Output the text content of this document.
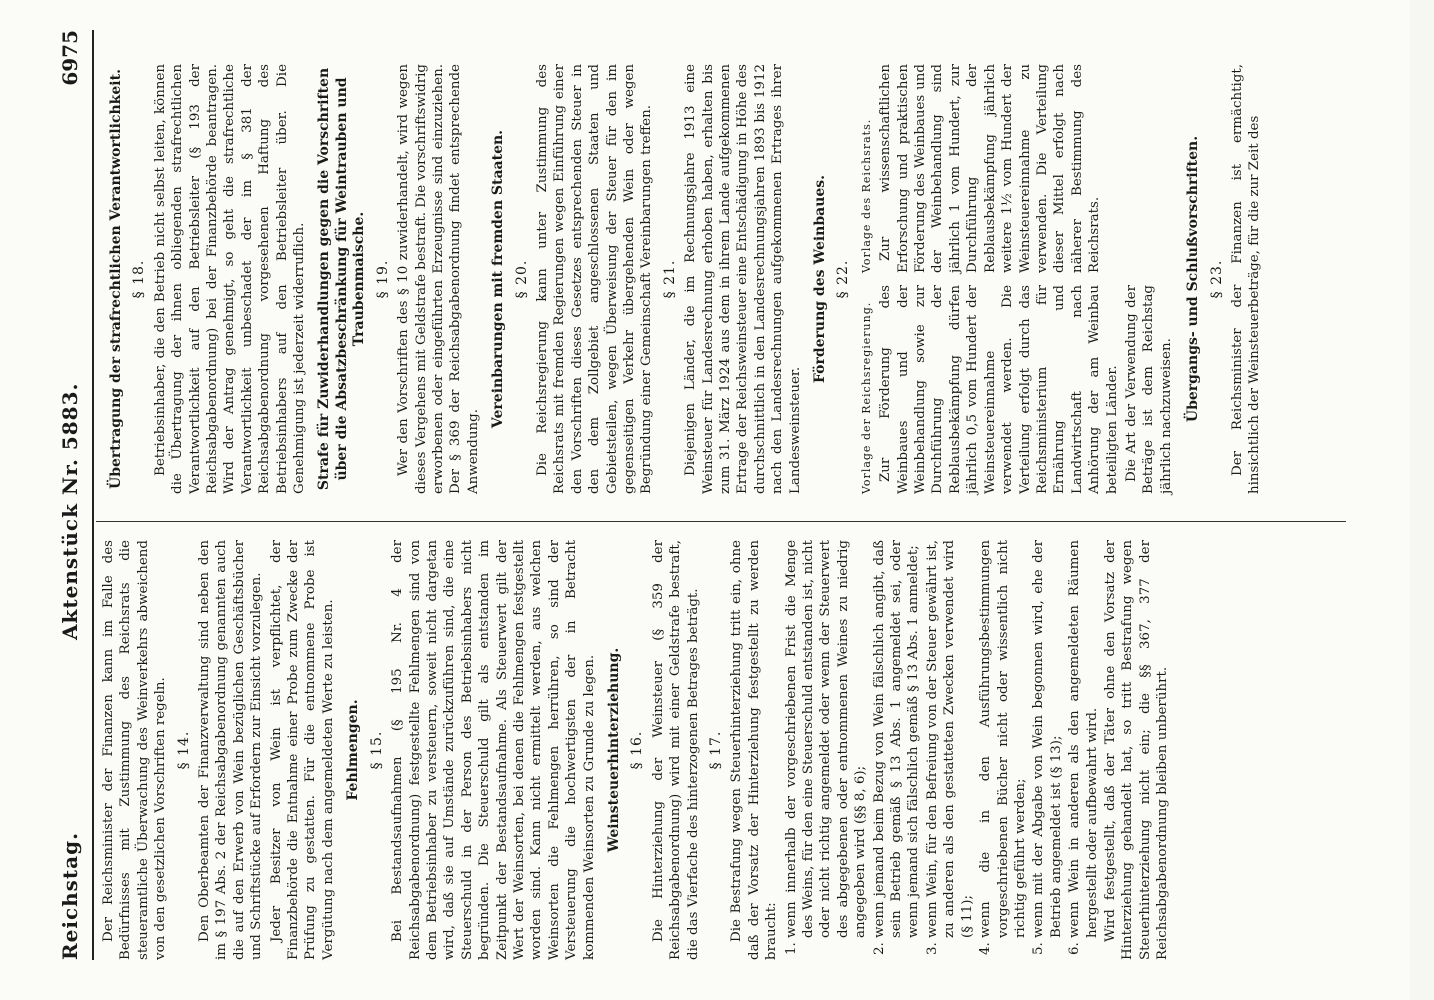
Reichstag.
Aktenstück Nr. 5883.
6975

Der Reichsminister der Finanzen kann im Falle des Bedürfnisses mit Zustimmung des Reichsrats die steueramtliche Überwachung des Weinverkehrs abweichend von den gesetzlichen Vorschriften regeln. § 14. Den Oberbeamten der Finanzverwaltung sind neben den im § 197 Abs. 2 der Reichsabgabenordnung genannten auch die auf den Erwerb von Wein bezüglichen Geschäftsbücher und Schriftstücke auf Erfordern zur Einsicht vorzulegen. Jeder Besitzer von Wein ist verpflichtet, der Finanzbehörde die Entnahme einer Probe zum Zwecke der Prüfung zu gestatten. Für die entnommene Probe ist Vergütung nach dem angemeldeten Werte zu leisten. Fehlmengen. § 15. Bei Bestandsaufnahmen (§ 195 Nr. 4 der Reichsabgabenordnung) festgestellte Fehlmengen sind von dem Betriebsinhaber zu versteuern, soweit nicht dargetan wird, daß sie auf Umstände zurückzuführen sind, die eine Steuerschuld in der Person des Betriebsinhabers nicht begründen. Die Steuerschuld gilt als entstanden im Zeitpunkt der Bestandsaufnahme. Als Steuerwert gilt der Wert der Weinsorten, bei denen die Fehlmengen festgestellt worden sind. Kann nicht ermittelt werden, aus welchen Weinsorten die Fehlmengen herrühren, so sind der Versteuerung die hochwertigsten der in Betracht kommenden Weinsorten zu Grunde zu legen. Weinsteuerhinterziehung. § 16. Die Hinterziehung der Weinsteuer (§ 359 der Reichsabgabenordnung) wird mit einer Geldstrafe bestraft, die das Vierfache des hinterzogenen Betrages beträgt. § 17. Die Bestrafung wegen Steuerhinterziehung tritt ein, ohne daß der Vorsatz der Hinterziehung festgestellt zu werden braucht: 1. wenn innerhalb der vorgeschriebenen Frist die Menge des Weins, für den eine Steuerschuld entstanden ist, nicht oder nicht richtig angemeldet oder wenn der Steuerwert des abgegebenen oder entnommenen Weines zu niedrig angegeben wird (§§ 8, 6); 2. wenn jemand beim Bezug von Wein fälschlich angibt, daß sein Betrieb gemäß § 13 Abs. 1 angemeldet sei, oder wenn jemand sich fälschlich gemäß § 13 Abs. 1 anmeldet; 3. wenn Wein, für den Befreiung von der Steuer gewährt ist, zu anderen als den gestatteten Zwecken verwendet wird (§ 11); 4. wenn die in den Ausführungsbestimmungen vorgeschriebenen Bücher nicht oder wissentlich nicht richtig geführt werden; 5. wenn mit der Abgabe von Wein begonnen wird, ehe der Betrieb angemeldet ist (§ 13); 6. wenn Wein in anderen als den angemeldeten Räumen hergestellt oder aufbewahrt wird. Wird festgestellt, daß der Täter ohne den Vorsatz der Hinterziehung gehandelt hat, so tritt Bestrafung wegen Steuerhinterziehung nicht ein; die §§ 367, 377 der Reichsabgabenordnung bleiben unberührt.

Übertragung der strafrechtlichen Verantwortlichkeit. § 18. Betriebsinhaber, die den Betrieb nicht selbst leiten, können die Übertragung der ihnen obliegenden strafrechtlichen Verantwortlichkeit auf den Betriebsleiter (§ 193 der Reichsabgabenordnung) bei der Finanzbehörde beantragen. Wird der Antrag genehmigt, so geht die strafrechtliche Verantwortlichkeit unbeschadet der im § 381 der Reichsabgabenordnung vorgesehenen Haftung des Betriebsinhabers auf den Betriebsleiter über. Die Genehmigung ist jederzeit widerruflich. Strafe für Zuwiderhandlungen gegen die Vorschriften über die Absatzbeschränkung für Weintrauben und Traubenmaische. § 19. Wer den Vorschriften des § 10 zuwiderhandelt, wird wegen dieses Vergehens mit Geldstrafe bestraft. Die vorschriftswidrig erworbenen oder eingeführten Erzeugnisse sind einzuziehen. Der § 369 der Reichsabgabenordnung findet entsprechende Anwendung.

Vereinbarungen mit fremden Staaten. § 20. Die Reichsregierung kann unter Zustimmung des Reichsrats mit fremden Regierungen wegen Einführung einer den Vorschriften dieses Gesetzes entsprechenden Steuer in den dem Zollgebiet angeschlossenen Staaten und Gebietsteilen, wegen Überweisung der Steuer für den im gegenseitigen Verkehr übergehenden Wein oder wegen Begründung einer Gemeinschaft Vereinbarungen treffen. § 21. Diejenigen Länder, die im Rechnungsjahre 1913 eine Weinsteuer für Landesrechnung erhoben haben, erhalten bis zum 31. März 1924 aus dem in ihrem Lande aufgekommenen Ertrage der Reichsweinsteuer eine Entschädigung in Höhe des durchschnittlich in den Landesrechnungsjahren 1893 bis 1912 nach den Landesrechnungen aufgekommenen Ertrages ihrer Landesweinsteuer.

Förderung des Weinbaues. § 22.
Vorlage der Reichsregierung. Zur Förderung des Weinbaues und der Weinbehandlung sowie zur Durchführung der Reblausbekämpfung dürfen jährlich 0,5 vom Hundert der Weinsteuereinnahme verwendet werden. Die Verteilung erfolgt durch das Reichsministerium für Ernährung und Landwirtschaft nach Anhörung der am Weinbau beteiligten Länder. Die Art der Verwendung der Beträge ist dem Reichstag jährlich nachzuweisen.

Vorlage des Reichsrats. Zur wissenschaftlichen Erforschung und praktischen Förderung des Weinbaues und der Weinbehandlung sind jährlich 1 vom Hundert, zur Durchführung der Reblausbekämpfung jährlich weitere 1½ vom Hundert der Weinsteuereinnahme zu verwenden. Die Verteilung dieser Mittel erfolgt nach näherer Bestimmung des Reichsrats.	Übergangs- und Schlußvorschriften. § 23. Der Reichsminister der Finanzen ist ermächtigt, hinsichtlich der Weinsteuerbeträge, für die zur Zeit des
